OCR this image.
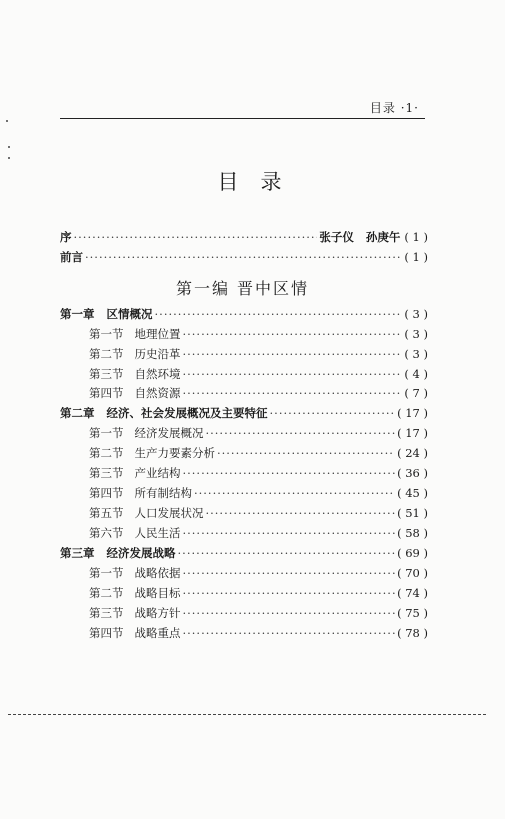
目录 ·1·
目录
序 ·····	张子仪   孙庚午 ( 1 )
前言 ·····	( 1 )
第一编 晋中区情
第一章   区情概况 ·····	( 3 )
第一节   地理位置 ·····	( 3 )
第二节   历史沿革 ·····	( 3 )
第三节   自然环境 ·····	( 4 )
第四节   自然资源 ·····	( 7 )
第二章   经济、社会发展概况及主要特征 ·····	( 17 )
第一节   经济发展概况 ·····	( 17 )
第二节   生产力要素分析 ·····	( 24 )
第三节   产业结构 ·····	( 36 )
第四节   所有制结构 ·····	( 45 )
第五节   人口发展状况 ·····	( 51 )
第六节   人民生活 ·····	( 58 )
第三章   经济发展战略 ·····	( 69 )
第一节   战略依据 ·····	( 70 )
第二节   战略目标 ·····	( 74 )
第三节   战略方针 ·····	( 75 )
第四节   战略重点 ·····	( 78 )
